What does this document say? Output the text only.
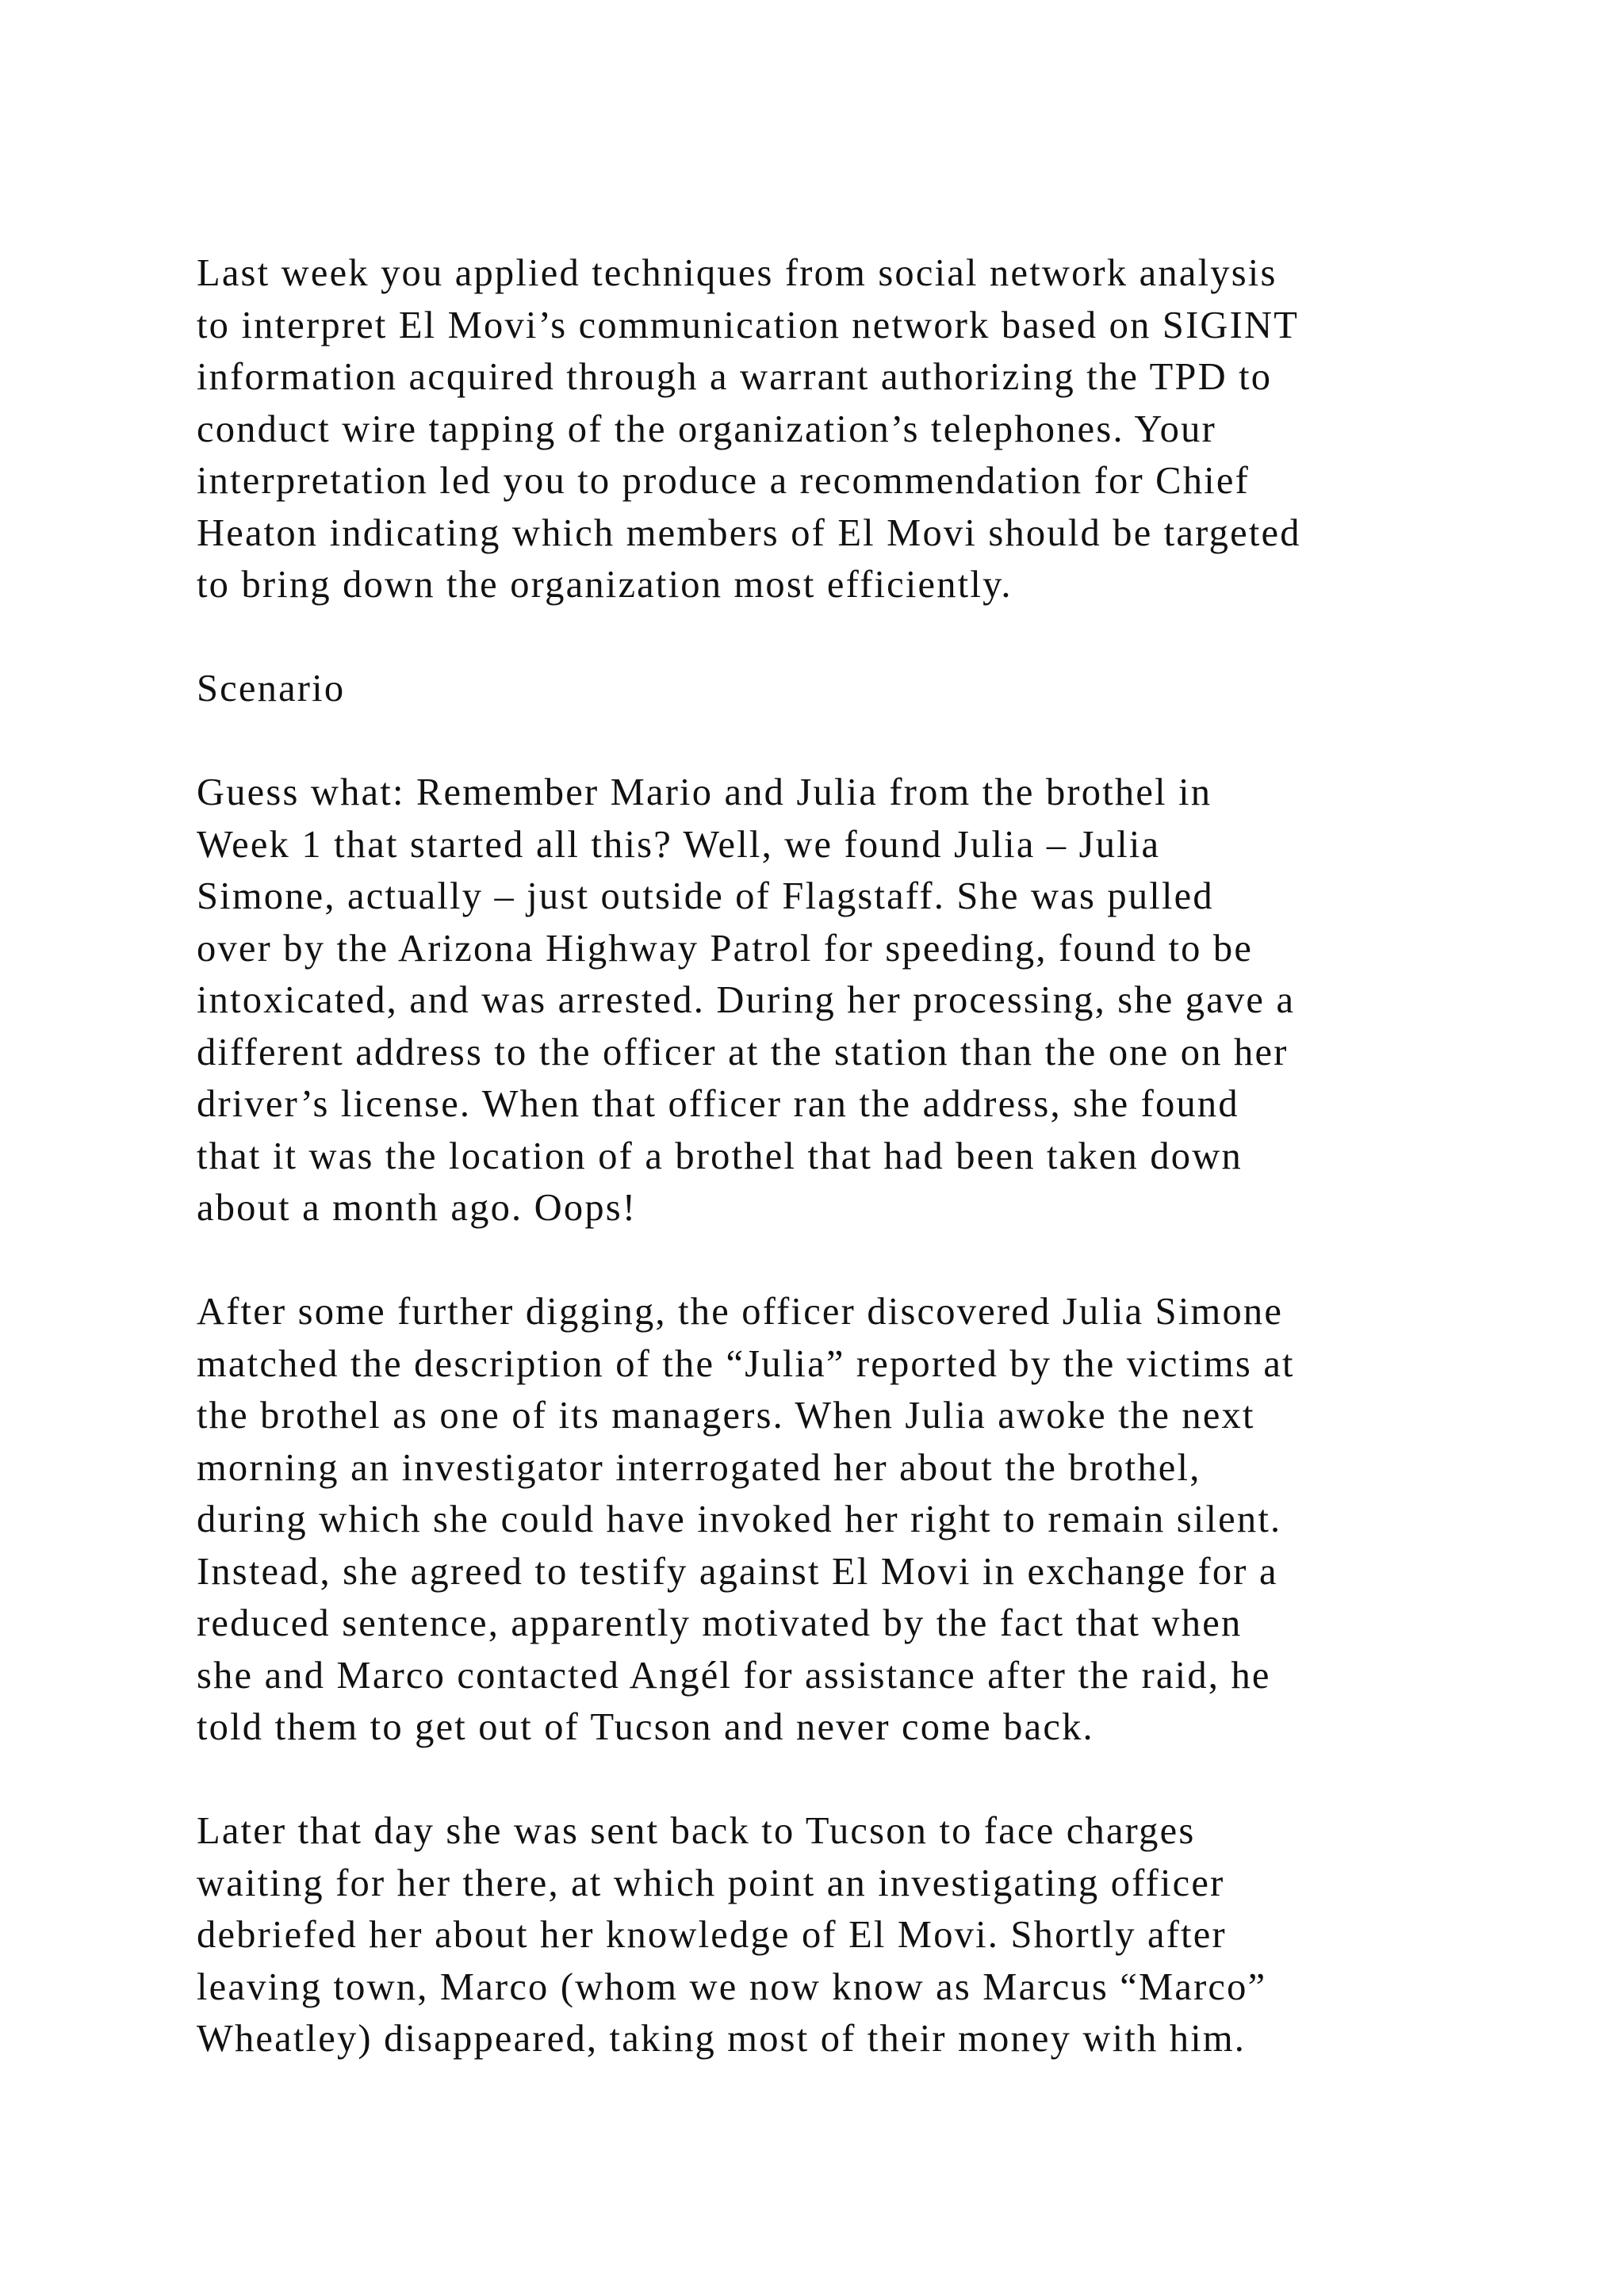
Last week you applied techniques from social network analysis
to interpret El Movi’s communication network based on SIGINT
information acquired through a warrant authorizing the TPD to
conduct wire tapping of the organization’s telephones. Your
interpretation led you to produce a recommendation for Chief
Heaton indicating which members of El Movi should be targeted
to bring down the organization most efficiently.

Scenario

Guess what: Remember Mario and Julia from the brothel in
Week 1 that started all this? Well, we found Julia – Julia
Simone, actually – just outside of Flagstaff. She was pulled
over by the Arizona Highway Patrol for speeding, found to be
intoxicated, and was arrested. During her processing, she gave a
different address to the officer at the station than the one on her
driver’s license. When that officer ran the address, she found
that it was the location of a brothel that had been taken down
about a month ago. Oops!

After some further digging, the officer discovered Julia Simone
matched the description of the “Julia” reported by the victims at
the brothel as one of its managers. When Julia awoke the next
morning an investigator interrogated her about the brothel,
during which she could have invoked her right to remain silent.
Instead, she agreed to testify against El Movi in exchange for a
reduced sentence, apparently motivated by the fact that when
she and Marco contacted Angél for assistance after the raid, he
told them to get out of Tucson and never come back.

Later that day she was sent back to Tucson to face charges
waiting for her there, at which point an investigating officer
debriefed her about her knowledge of El Movi. Shortly after
leaving town, Marco (whom we now know as Marcus “Marco”
Wheatley) disappeared, taking most of their money with him.
